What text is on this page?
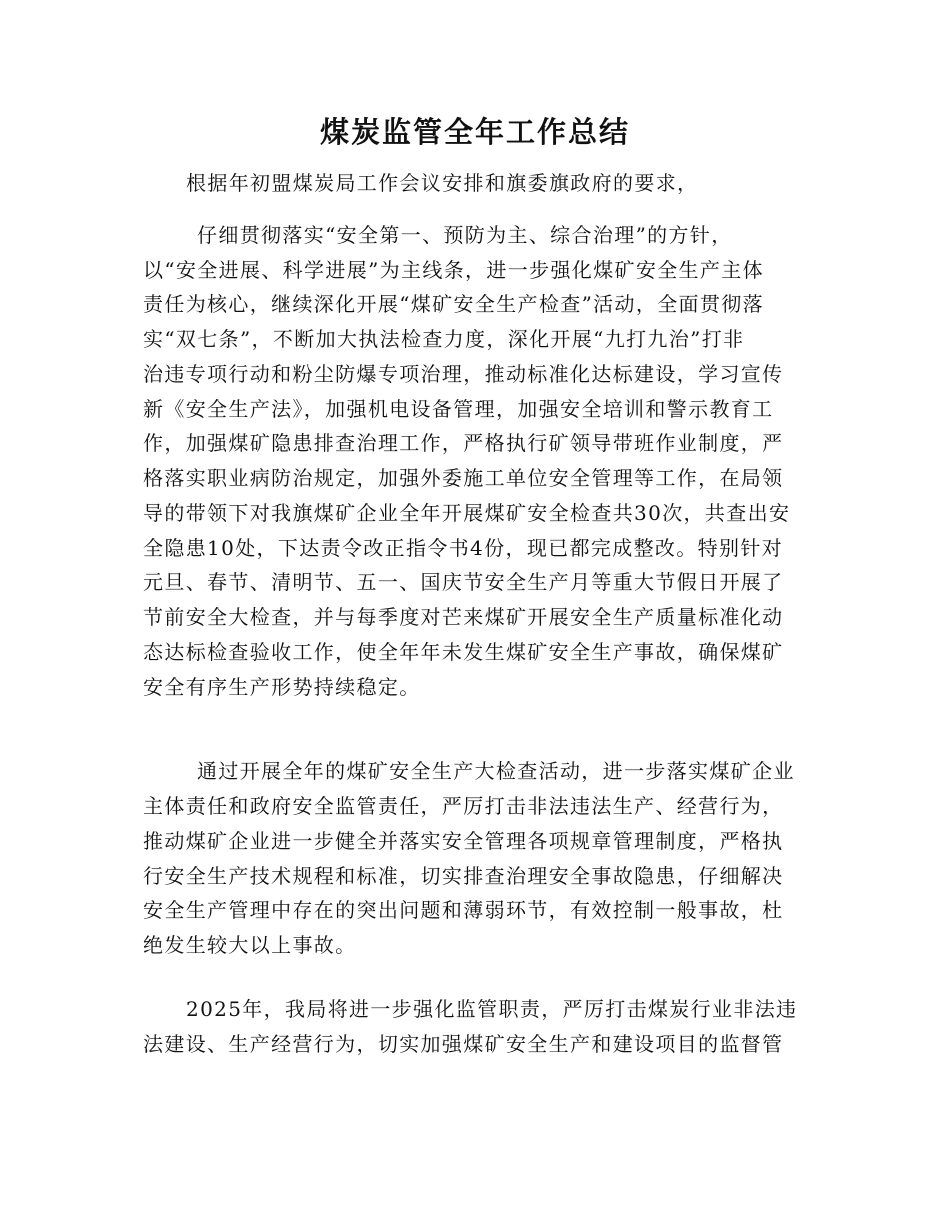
煤炭监管全年工作总结
根据年初盟煤炭局工作会议安排和旗委旗政府的要求，
仔细贯彻落实“安全第一、预防为主、综合治理”的方针，
以“安全进展、科学进展”为主线条，进一步强化煤矿安全生产主体
责任为核心，继续深化开展“煤矿安全生产检查”活动，全面贯彻落
实“双七条”，不断加大执法检查力度，深化开展“九打九治”打非
治违专项行动和粉尘防爆专项治理，推动标准化达标建设，学习宣传
新《安全生产法》，加强机电设备管理，加强安全培训和警示教育工
作，加强煤矿隐患排查治理工作，严格执行矿领导带班作业制度，严
格落实职业病防治规定，加强外委施工单位安全管理等工作，在局领
导的带领下对我旗煤矿企业全年开展煤矿安全检查共30次，共查出安
全隐患10处，下达责令改正指令书4份，现已都完成整改。特别针对
元旦、春节、清明节、五一、国庆节安全生产月等重大节假日开展了
节前安全大检查，并与每季度对芒来煤矿开展安全生产质量标准化动
态达标检查验收工作，使全年年未发生煤矿安全生产事故，确保煤矿
安全有序生产形势持续稳定。
通过开展全年的煤矿安全生产大检查活动，进一步落实煤矿企业
主体责任和政府安全监管责任，严厉打击非法违法生产、经营行为，
推动煤矿企业进一步健全并落实安全管理各项规章管理制度，严格执
行安全生产技术规程和标准，切实排查治理安全事故隐患，仔细解决
安全生产管理中存在的突出问题和薄弱环节，有效控制一般事故，杜
绝发生较大以上事故。
2025年，我局将进一步强化监管职责，严厉打击煤炭行业非法违
法建设、生产经营行为，切实加强煤矿安全生产和建设项目的监督管
